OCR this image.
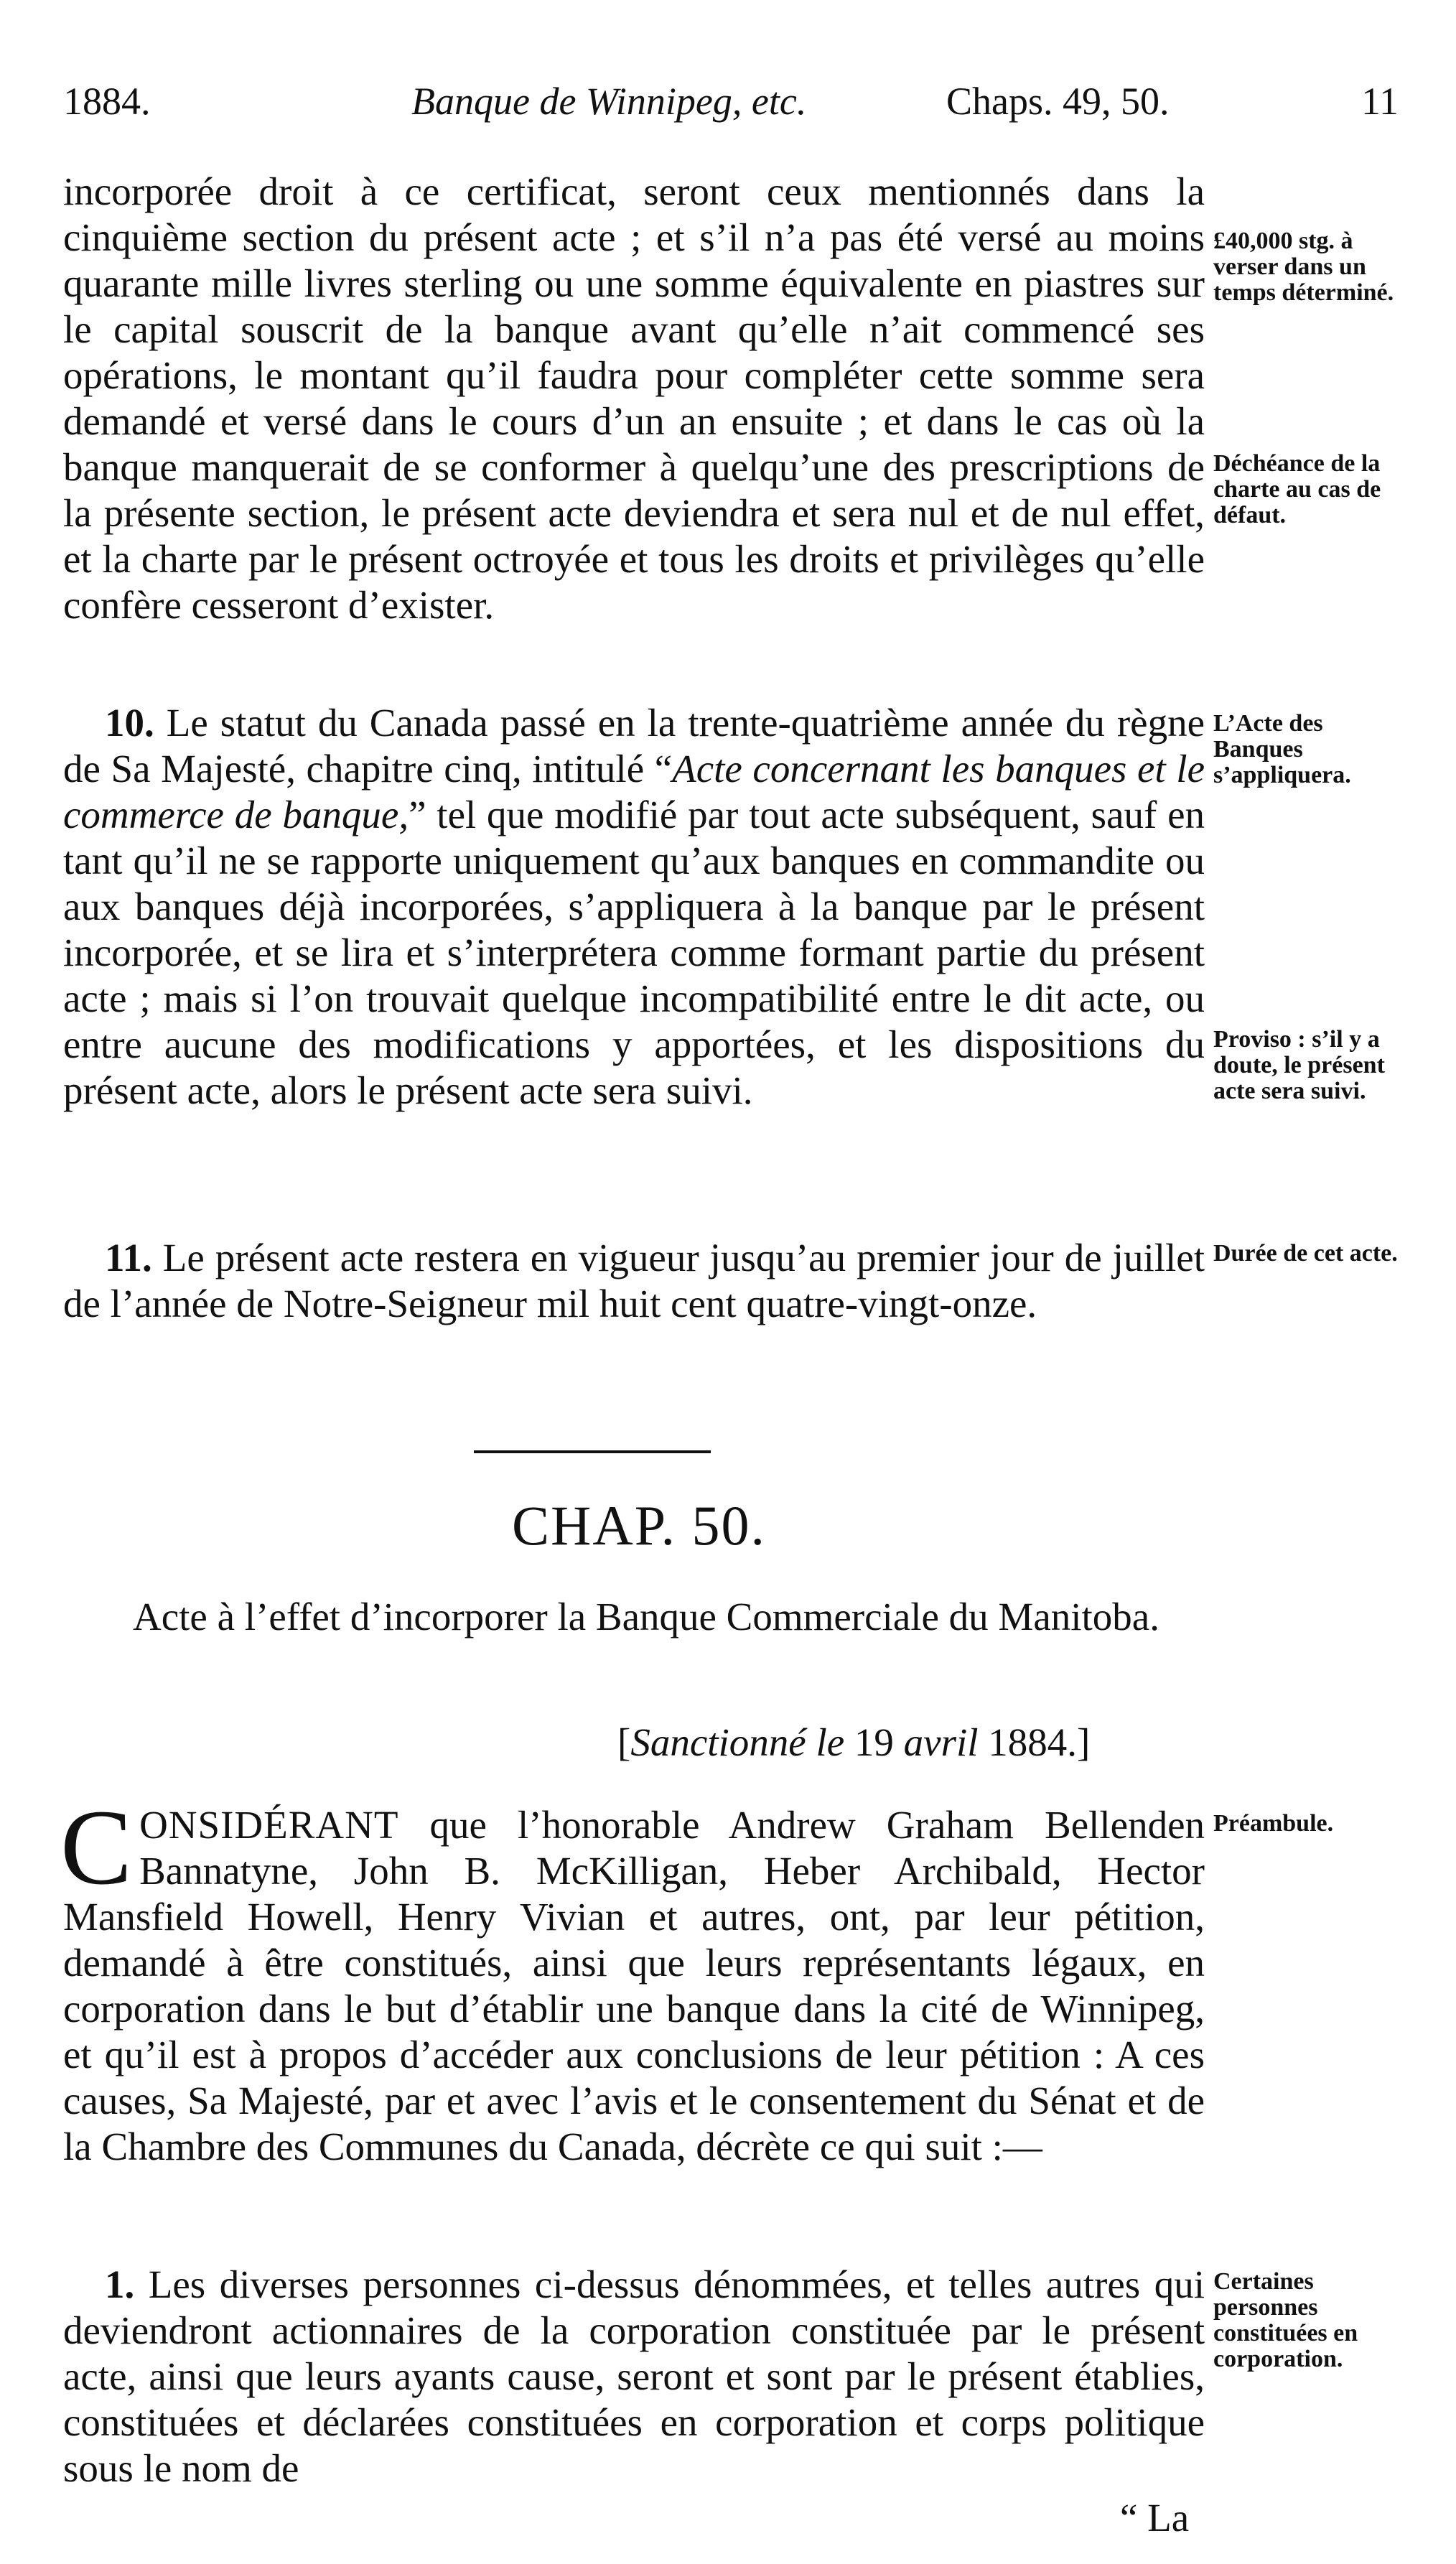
1884.	Banque de Winnipeg, etc.	Chaps. 49, 50.	11

incorporée droit à ce certificat, seront ceux mentionnés dans la cinquième section du présent acte ; et s’il n’a pas été versé au moins quarante mille livres sterling ou une somme équivalente en piastres sur le capital souscrit de la banque avant qu’elle n’ait commencé ses opérations, le montant qu’il faudra pour compléter cette somme sera demandé et versé dans le cours d’un an ensuite ; et dans le cas où la banque manquerait de se conformer à quelqu’une des prescriptions de la présente section, le présent acte deviendra et sera nul et de nul effet, et la charte par le présent octroyée et tous les droits et privilèges qu’elle confère cesseront d’exister.

10. Le statut du Canada passé en la trente-quatrième année du règne de Sa Majesté, chapitre cinq, intitulé “Acte concernant les banques et le commerce de banque,” tel que modifié par tout acte subséquent, sauf en tant qu’il ne se rapporte uniquement qu’aux banques en commandite ou aux banques déjà incorporées, s’appliquera à la banque par le présent incorporée, et se lira et s’interprétera comme formant partie du présent acte ; mais si l’on trouvait quelque incompatibilité entre le dit acte, ou entre aucune des modifications y apportées, et les dispositions du présent acte, alors le présent acte sera suivi.

11. Le présent acte restera en vigueur jusqu’au premier jour de juillet de l’année de Notre-Seigneur mil huit cent quatre-vingt-onze.

CHAP. 50.
Acte à l’effet d’incorporer la Banque Commerciale du Manitoba.
[Sanctionné le 19 avril 1884.]

CONSIDÉRANT que l’honorable Andrew Graham Bellenden Bannatyne, John B. McKilligan, Heber Archibald, Hector Mansfield Howell, Henry Vivian et autres, ont, par leur pétition, demandé à être constitués, ainsi que leurs représentants légaux, en corporation dans le but d’établir une banque dans la cité de Winnipeg, et qu’il est à propos d’accéder aux conclusions de leur pétition : A ces causes, Sa Majesté, par et avec l’avis et le consentement du Sénat et de la Chambre des Communes du Canada, décrète ce qui suit :—

1. Les diverses personnes ci-dessus dénommées, et telles autres qui deviendront actionnaires de la corporation constituée par le présent acte, ainsi que leurs ayants cause, seront et sont par le présent établies, constituées et déclarées constituées en corporation et corps politique sous le nom de

“ La
£40,000 stg. à verser dans un temps déterminé.
Déchéance de la charte au cas de défaut.
L’Acte des Banques s’appliquera.
Proviso : s’il y a doute, le présent acte sera suivi.
Durée de cet acte.
Préambule.
Certaines personnes constituées en corporation.
